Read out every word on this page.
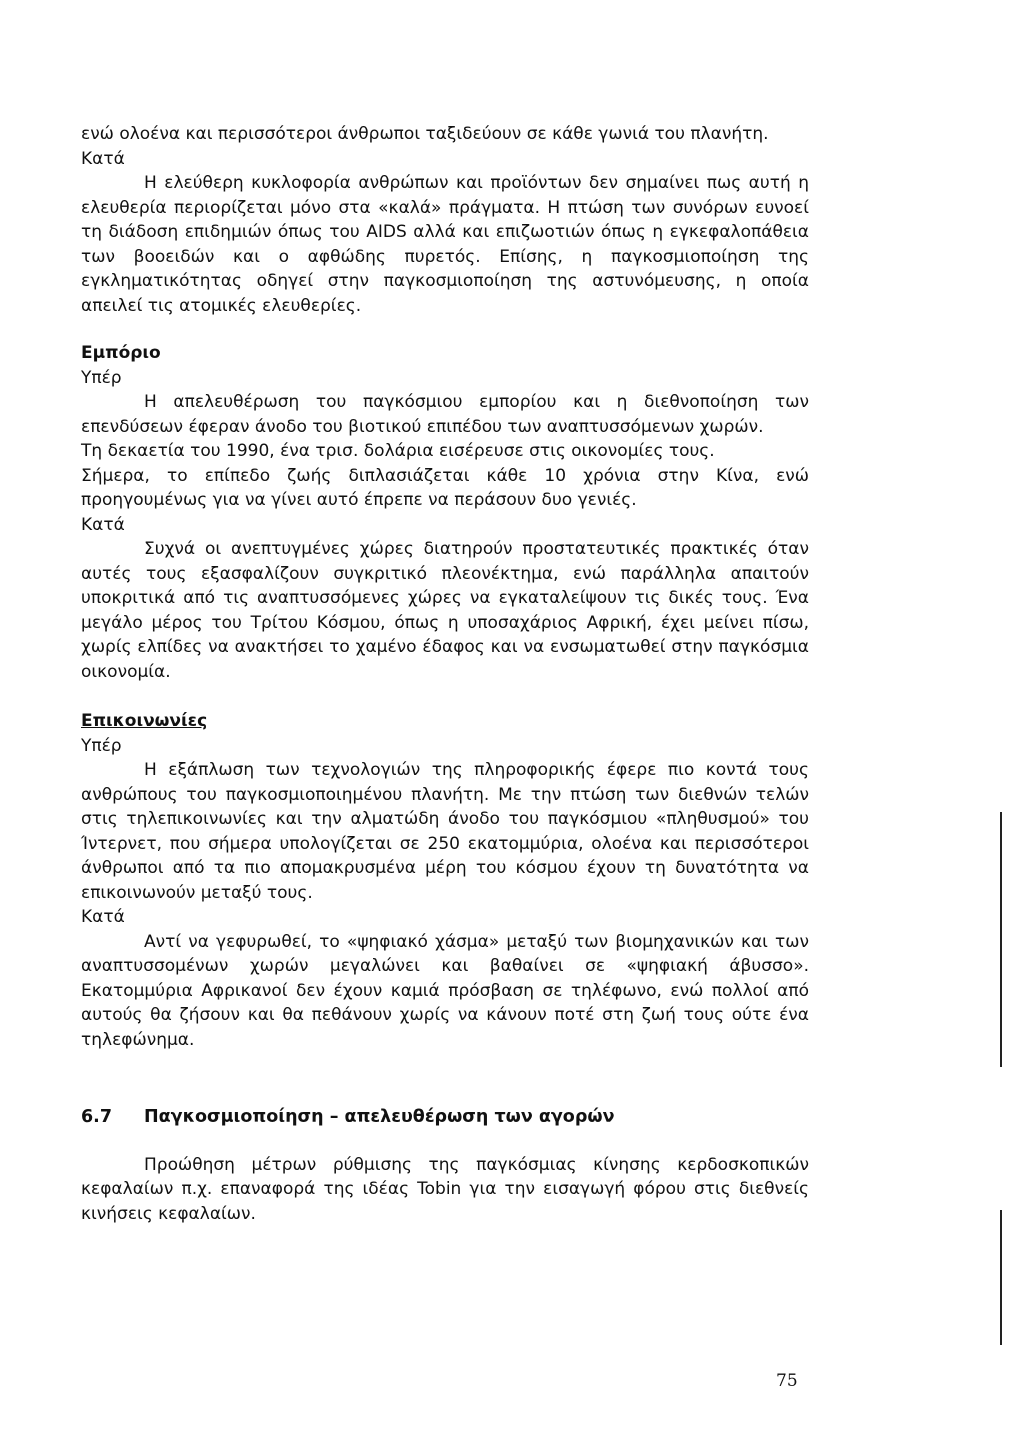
ενώ ολοένα και περισσότεροι άνθρωποι ταξιδεύουν σε κάθε γωνιά του πλανήτη.

Κατά

Η ελεύθερη κυκλοφορία ανθρώπων και προϊόντων δεν σημαίνει πως αυτή η ελευθερία περιορίζεται μόνο στα «καλά» πράγματα. Η πτώση των συνόρων ευνοεί τη διάδοση επιδημιών όπως του AIDS αλλά και επιζωοτιών όπως η εγκεφαλοπάθεια των βοοειδών και ο αφθώδης πυρετός. Επίσης, η παγκοσμιοποίηση της εγκληματικότητας οδηγεί στην παγκοσμιοποίηση της αστυνόμευσης, η οποία απειλεί τις ατομικές ελευθερίες.

Εμπόριο

Υπέρ

Η απελευθέρωση του παγκόσμιου εμπορίου και η διεθνοποίηση των επενδύσεων έφεραν άνοδο του βιοτικού επιπέδου των αναπτυσσόμενων χωρών.

Τη δεκαετία του 1990, ένα τρισ. δολάρια εισέρευσε στις οικονομίες τους.

Σήμερα, το επίπεδο ζωής διπλασιάζεται κάθε 10 χρόνια στην Κίνα, ενώ προηγουμένως για να γίνει αυτό έπρεπε να περάσουν δυο γενιές.

Κατά

Συχνά οι ανεπτυγμένες χώρες διατηρούν προστατευτικές πρακτικές όταν αυτές τους εξασφαλίζουν συγκριτικό πλεονέκτημα, ενώ παράλληλα απαιτούν υποκριτικά από τις αναπτυσσόμενες χώρες να εγκαταλείψουν τις δικές τους. Ένα μεγάλο μέρος του Τρίτου Κόσμου, όπως η υποσαχάριος Αφρική, έχει μείνει πίσω, χωρίς ελπίδες να ανακτήσει το χαμένο έδαφος και να ενσωματωθεί στην παγκόσμια οικονομία.

Επικοινωνίες

Υπέρ

Η εξάπλωση των τεχνολογιών της πληροφορικής έφερε πιο κοντά τους ανθρώπους του παγκοσμιοποιημένου πλανήτη. Με την πτώση των διεθνών τελών στις τηλεπικοινωνίες και την αλματώδη άνοδο του παγκόσμιου «πληθυσμού» του Ίντερνετ, που σήμερα υπολογίζεται σε 250 εκατομμύρια, ολοένα και περισσότεροι άνθρωποι από τα πιο απομακρυσμένα μέρη του κόσμου έχουν τη δυνατότητα να επικοινωνούν μεταξύ τους.

Κατά

Αντί να γεφυρωθεί, το «ψηφιακό χάσμα» μεταξύ των βιομηχανικών και των αναπτυσσομένων χωρών μεγαλώνει και βαθαίνει σε «ψηφιακή άβυσσο». Εκατομμύρια Αφρικανοί δεν έχουν καμιά πρόσβαση σε τηλέφωνο, ενώ πολλοί από αυτούς θα ζήσουν και θα πεθάνουν χωρίς να κάνουν ποτέ στη ζωή τους ούτε ένα τηλεφώνημα.

6.7	Παγκοσμιοποίηση – απελευθέρωση των αγορών

Προώθηση μέτρων ρύθμισης της παγκόσμιας κίνησης κερδοσκοπικών κεφαλαίων π.χ. επαναφορά της ιδέας Tobin για την εισαγωγή φόρου στις διεθνείς κινήσεις κεφαλαίων.

75
